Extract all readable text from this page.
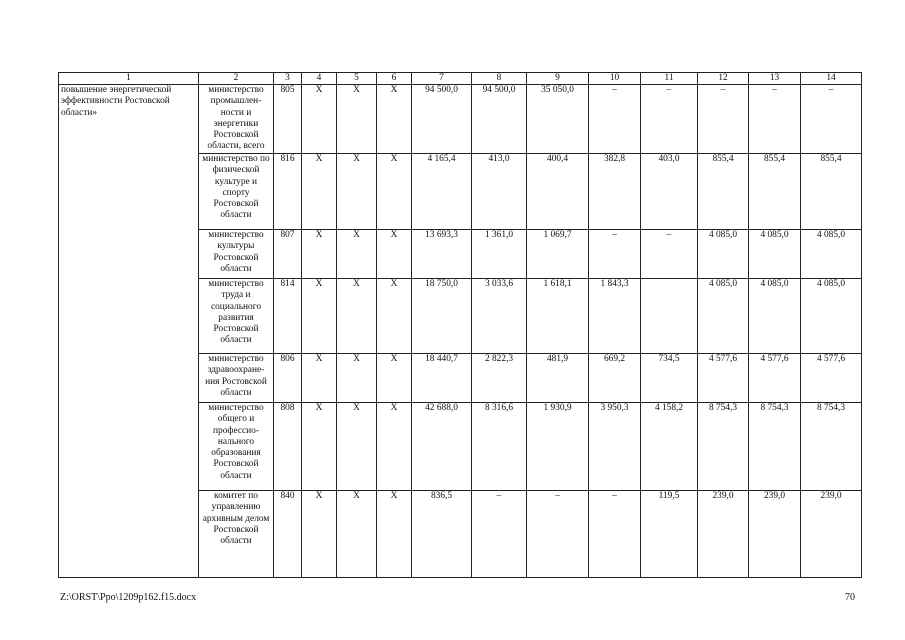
1	2	3	4	5	6	7	8	9	10	11	12	13	14
повышение энергетической эффективности Ростовской области»	министерство промышлен-ности и энергетики Ростовской области, всего	805	Х	Х	Х	94 500,0	94 500,0	35 050,0	–	–	–	–	–
	министерство по физической культуре и спорту Ростовской области	816	Х	Х	Х	4 165,4	413,0	400,4	382,8	403,0	855,4	855,4	855,4
	министерство культуры Ростовской области	807	Х	Х	Х	13 693,3	1 361,0	1 069,7	–	–	4 085,0	4 085,0	4 085,0
	министерство труда и социального развития Ростовской области	814	Х	Х	Х	18 750,0	3 033,6	1 618,1	1 843,3		4 085,0	4 085,0	4 085,0
	министерство здравоохране-ния Ростовской области	806	Х	Х	Х	18 440,7	2 822,3	481,9	669,2	734,5	4 577,6	4 577,6	4 577,6
	министерство общего и профессио-нального образования Ростовской области	808	Х	Х	Х	42 688,0	8 316,6	1 930,9	3 950,3	4 158,2	8 754,3	8 754,3	8 754,3
	комитет по управлению архивным делом Ростовской области	840	Х	Х	Х	836,5	–	–	–	119,5	239,0	239,0	239,0
Z:\ORST\Ppo\1209p162.f15.docx	70
